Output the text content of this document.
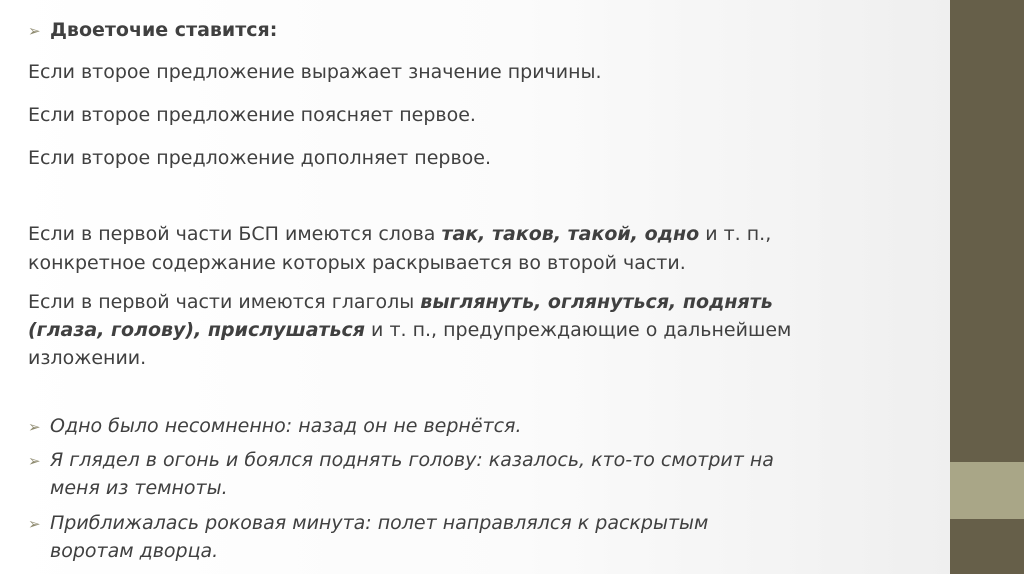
➢ Двоеточие ставится:
Если второе предложение выражает значение причины.
Если второе предложение поясняет первое.
Если второе предложение дополняет первое.
Если в первой части БСП имеются слова так, таков, такой, одно и т. п.,
конкретное содержание которых раскрывается во второй части.
Если в первой части имеются глаголы выглянуть, оглянуться, поднять
(глаза, голову), прислушаться и т. п., предупреждающие о дальнейшем
изложении.
➢ Одно было несомненно: назад он не вернётся.
➢ Я глядел в огонь и боялся поднять голову: казалось, кто-то смотрит на
меня из темноты.
➢ Приближалась роковая минута: полет направлялся к раскрытым
воротам дворца.
